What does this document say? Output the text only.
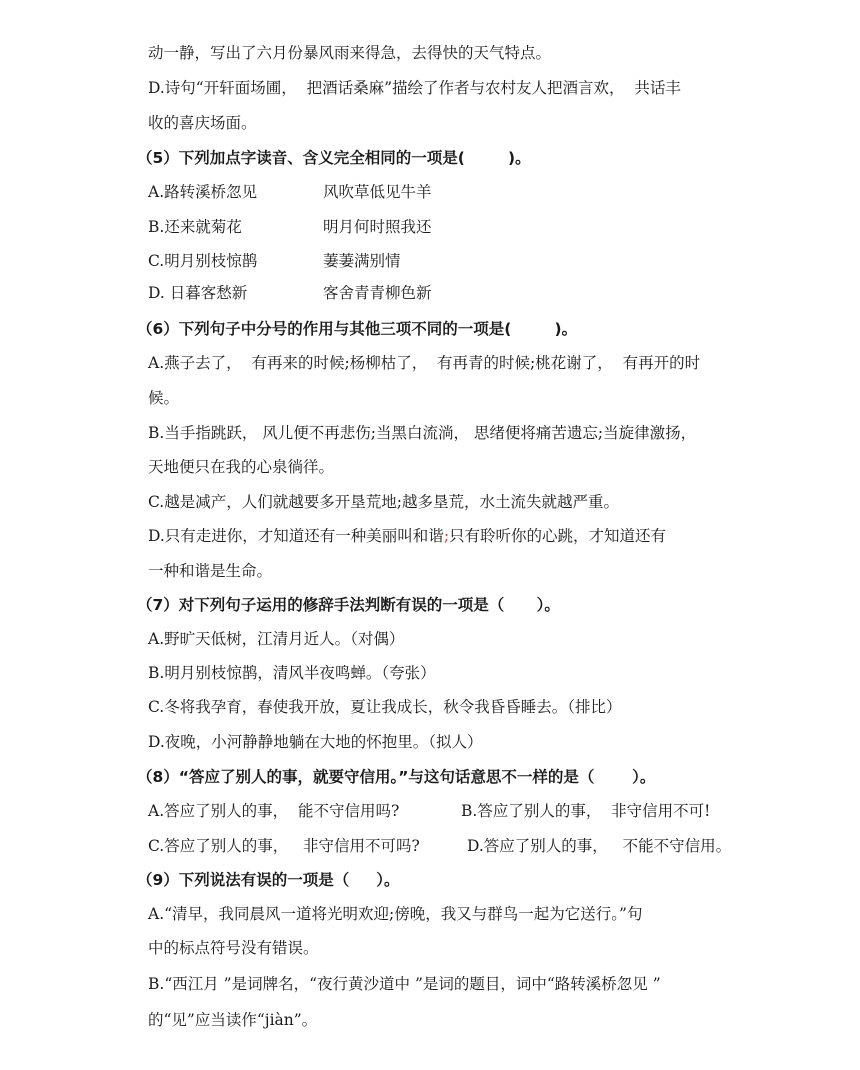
动一静，写出了六月份暴风雨来得急，去得快的天气特点。
D.诗句“开轩面场圃，  把酒话桑麻”描绘了作者与农村友人把酒言欢，  共话丰
收的喜庆场面。
（5）下列加点字读音、含义完全相同的一项是(        )。
A.路转溪桥忽见	风吹草低见牛羊
B.还来就菊花	明月何时照我还
C.明月别枝惊鹊	萋萋满别情
D. 日暮客愁新	客舍青青柳色新
（6）下列句子中分号的作用与其他三项不同的一项是(        )。
A.燕子去了，  有再来的时候;杨柳枯了，  有再青的时候;桃花谢了，  有再开的时
候。
B.当手指跳跃， 风儿便不再悲伤;当黑白流淌， 思绪便将痛苦遗忘;当旋律激扬，
天地便只在我的心泉徜徉。
C.越是减产，人们就越要多开垦荒地;越多垦荒，水土流失就越严重。
D.只有走进你，才知道还有一种美丽叫和谐;只有聆听你的心跳，才知道还有
一种和谐是生命。
（7）对下列句子运用的修辞手法判断有误的一项是（      ）。
A.野旷天低树，江清月近人。（对偶）
B.明月别枝惊鹊，清风半夜鸣蝉。（夸张）
C.冬将我孕育，春使我开放，夏让我成长，秋令我昏昏睡去。（排比）
D.夜晚，小河静静地躺在大地的怀抱里。（拟人）
（8）“答应了别人的事，就要守信用。”与这句话意思不一样的是（       ）。
A.答应了别人的事，  能不守信用吗?	B.答应了别人的事，  非守信用不可!
C.答应了别人的事，   非守信用不可吗?	D.答应了别人的事，   不能不守信用。
（9）下列说法有误的一项是（     ）。
A.“清早，我同晨风一道将光明欢迎;傍晚，我又与群鸟一起为它送行。”句
中的标点符号没有错误。
B.“西江月 ”是词牌名，“夜行黄沙道中 ”是词的题目，词中“路转溪桥忽见 ”
的“见”应当读作“jiàn”。
